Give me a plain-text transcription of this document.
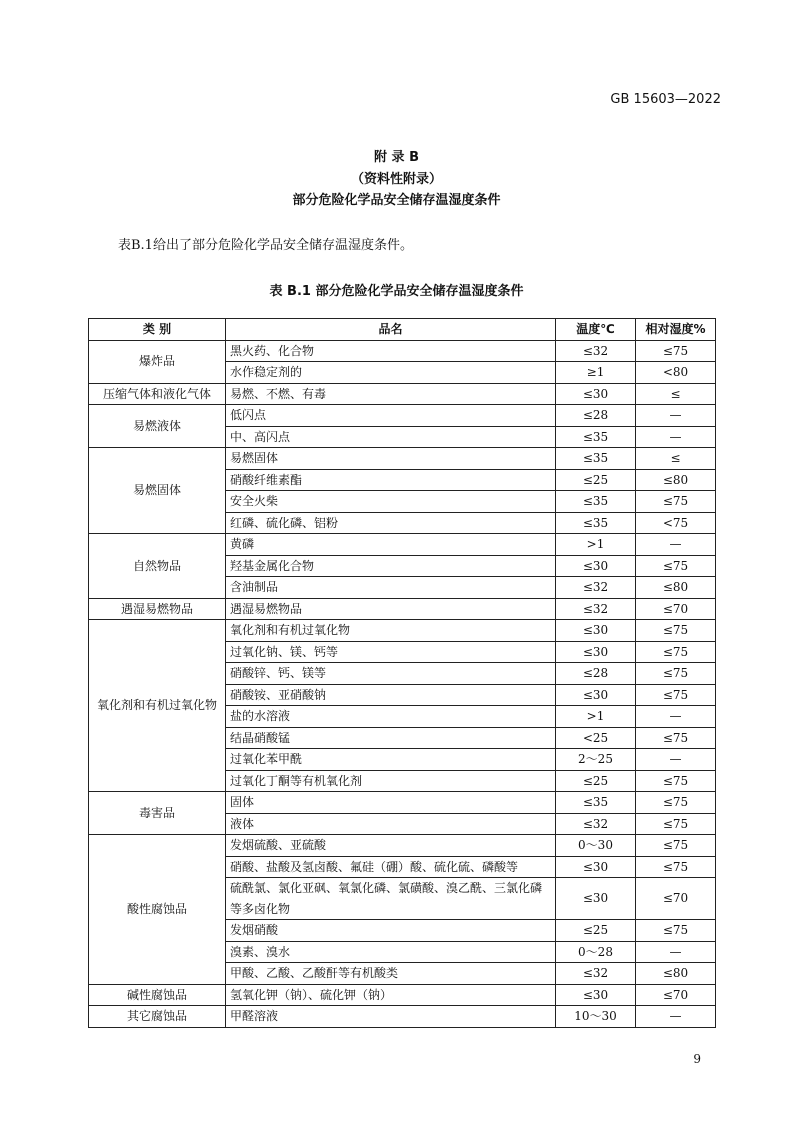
GB 15603—2022
附 录 B
（资料性附录）
部分危险化学品安全储存温湿度条件
表B.1给出了部分危险化学品安全储存温湿度条件。
表 B.1 部分危险化学品安全储存温湿度条件
类 别	品名	温度℃	相对湿度%
爆炸品	黑火药、化合物	≤32	≤75
	水作稳定剂的	≥1	<80
压缩气体和液化气体	易燃、不燃、有毒	≤30	≤
易燃液体	低闪点	≤28	—
	中、高闪点	≤35	—
易燃固体	易燃固体	≤35	≤
	硝酸纤维素酯	≤25	≤80
	安全火柴	≤35	≤75
	红磷、硫化磷、铝粉	≤35	<75
自然物品	黄磷	>1	—
	羟基金属化合物	≤30	≤75
	含油制品	≤32	≤80
遇湿易燃物品	遇湿易燃物品	≤32	≤70
氧化剂和有机过氧化物	氧化剂和有机过氧化物	≤30	≤75
	过氧化钠、镁、钙等	≤30	≤75
	硝酸锌、钙、镁等	≤28	≤75
	硝酸铵、亚硝酸钠	≤30	≤75
	盐的水溶液	>1	—
	结晶硝酸锰	<25	≤75
	过氧化苯甲酰	2～25	—
	过氧化丁酮等有机氧化剂	≤25	≤75
毒害品	固体	≤35	≤75
	液体	≤32	≤75
酸性腐蚀品	发烟硫酸、亚硫酸	0～30	≤75
	硝酸、盐酸及氢卤酸、氟硅（硼）酸、硫化硫、磷酸等	≤30	≤75
	硫酰氯、氯化亚砜、氧氯化磷、氯磺酸、溴乙酰、三氯化磷等多卤化物	≤30	≤70
	发烟硝酸	≤25	≤75
	溴素、溴水	0～28	—
	甲酸、乙酸、乙酸酐等有机酸类	≤32	≤80
碱性腐蚀品	氢氧化钾（钠）、硫化钾（钠）	≤30	≤70
其它腐蚀品	甲醛溶液	10～30	—
9
